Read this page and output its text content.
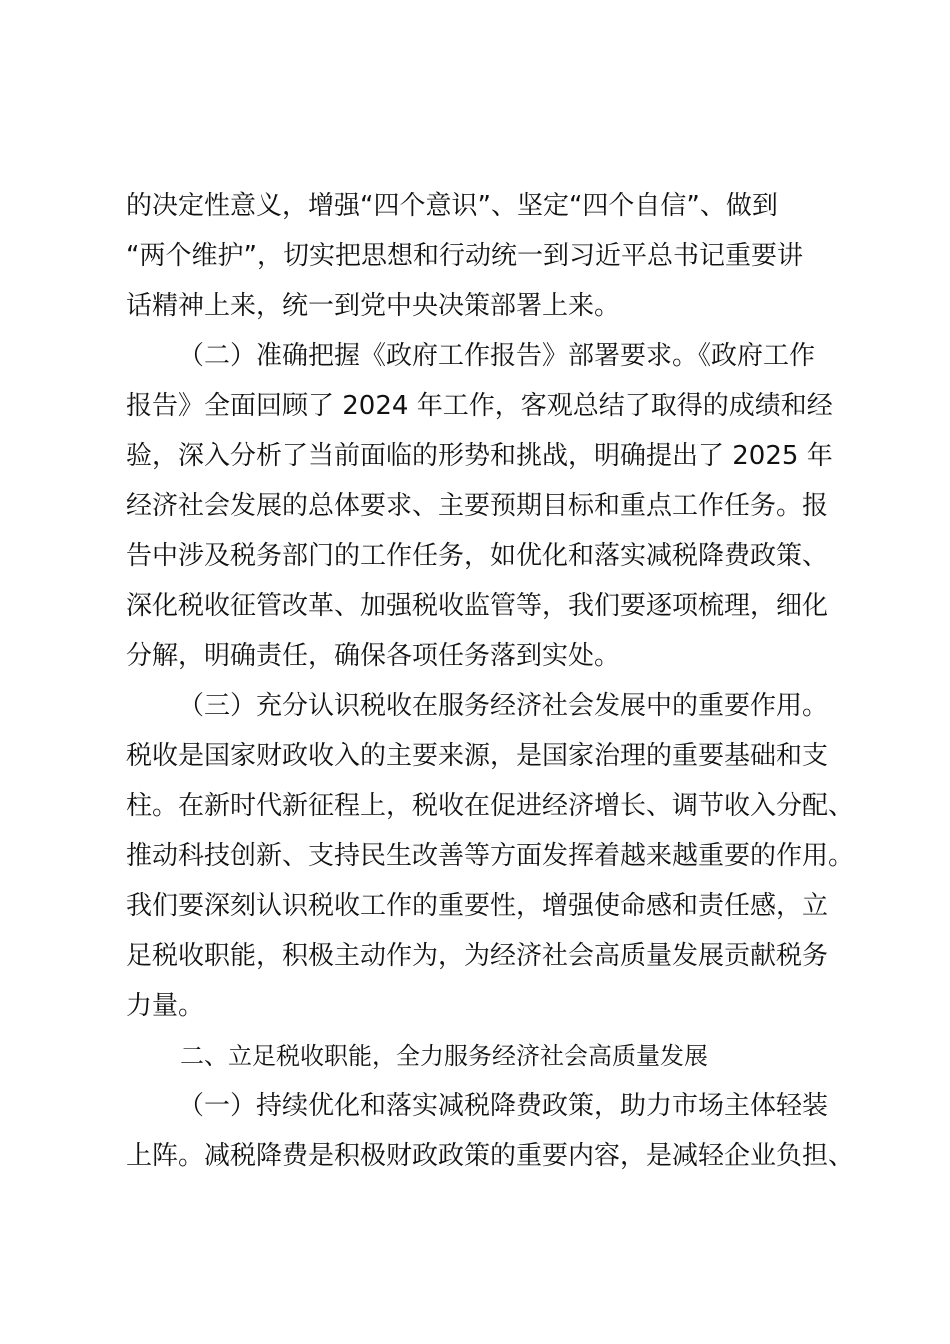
的决定性意义，增强“四个意识”、坚定“四个自信”、做到
“两个维护”，切实把思想和行动统一到习近平总书记重要讲
话精神上来，统一到党中央决策部署上来。
（二）准确把握《政府工作报告》部署要求。《政府工作
报告》全面回顾了 2024 年工作，客观总结了取得的成绩和经
验，深入分析了当前面临的形势和挑战，明确提出了 2025 年
经济社会发展的总体要求、主要预期目标和重点工作任务。报
告中涉及税务部门的工作任务，如优化和落实减税降费政策、
深化税收征管改革、加强税收监管等，我们要逐项梳理，细化
分解，明确责任，确保各项任务落到实处。
（三）充分认识税收在服务经济社会发展中的重要作用。
税收是国家财政收入的主要来源，是国家治理的重要基础和支
柱。在新时代新征程上，税收在促进经济增长、调节收入分配、
推动科技创新、支持民生改善等方面发挥着越来越重要的作用。
我们要深刻认识税收工作的重要性，增强使命感和责任感，立
足税收职能，积极主动作为，为经济社会高质量发展贡献税务
力量。
二、立足税收职能，全力服务经济社会高质量发展
（一）持续优化和落实减税降费政策，助力市场主体轻装
上阵。减税降费是积极财政政策的重要内容，是减轻企业负担、
